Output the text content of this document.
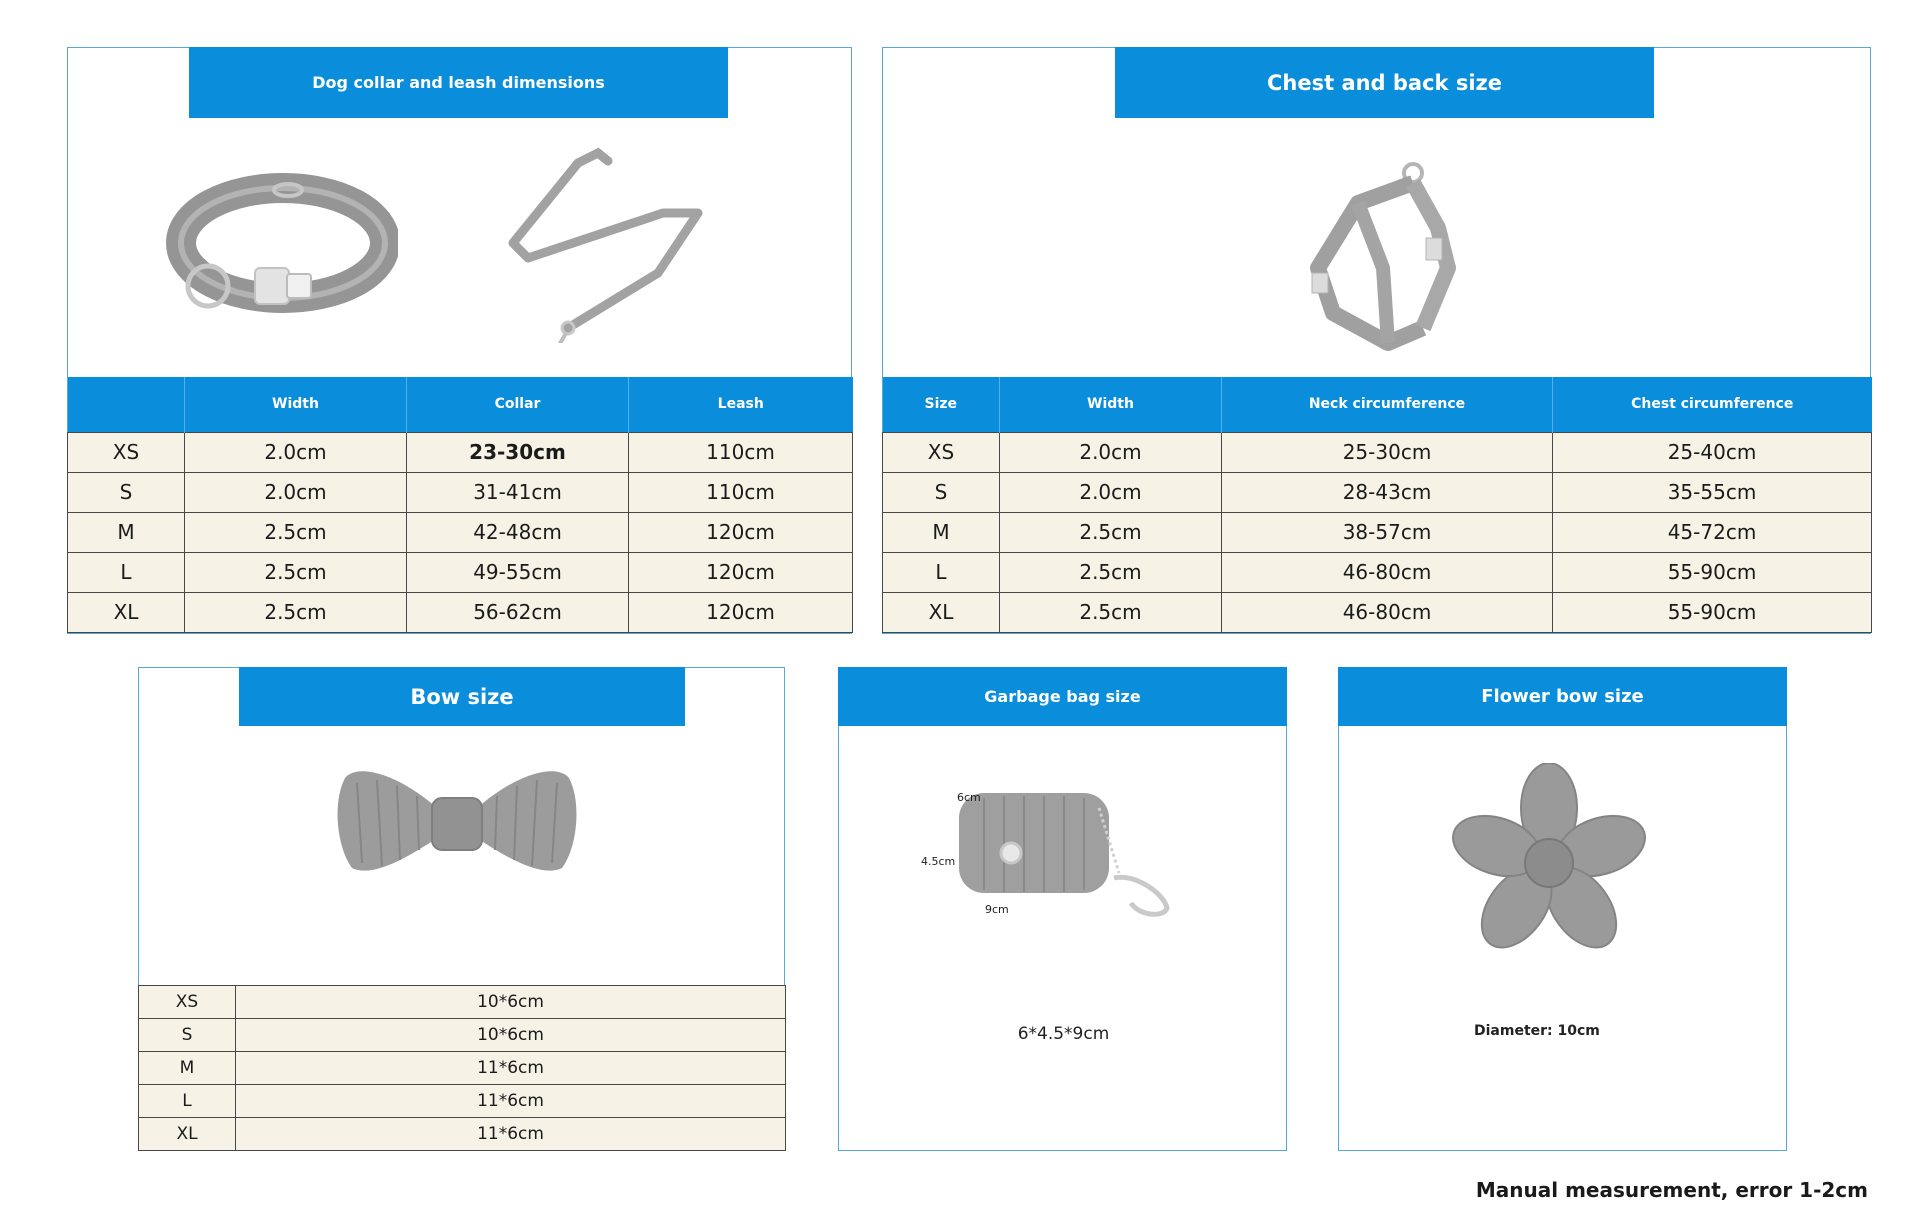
Dog collar and leash dimensions
	Width	Collar	Leash
XS	2.0cm	23-30cm	110cm
S	2.0cm	31-41cm	110cm
M	2.5cm	42-48cm	120cm
L	2.5cm	49-55cm	120cm
XL	2.5cm	56-62cm	120cm
Chest and back size
Size	Width	Neck circumference	Chest circumference
XS	2.0cm	25-30cm	25-40cm
S	2.0cm	28-43cm	35-55cm
M	2.5cm	38-57cm	45-72cm
L	2.5cm	46-80cm	55-90cm
XL	2.5cm	46-80cm	55-90cm
Bow size
XS	10*6cm
S	10*6cm
M	11*6cm
L	11*6cm
XL	11*6cm
Garbage bag size
6cm
4.5cm
9cm
6*4.5*9cm
Flower bow size
Diameter: 10cm
Manual measurement, error 1-2cm
